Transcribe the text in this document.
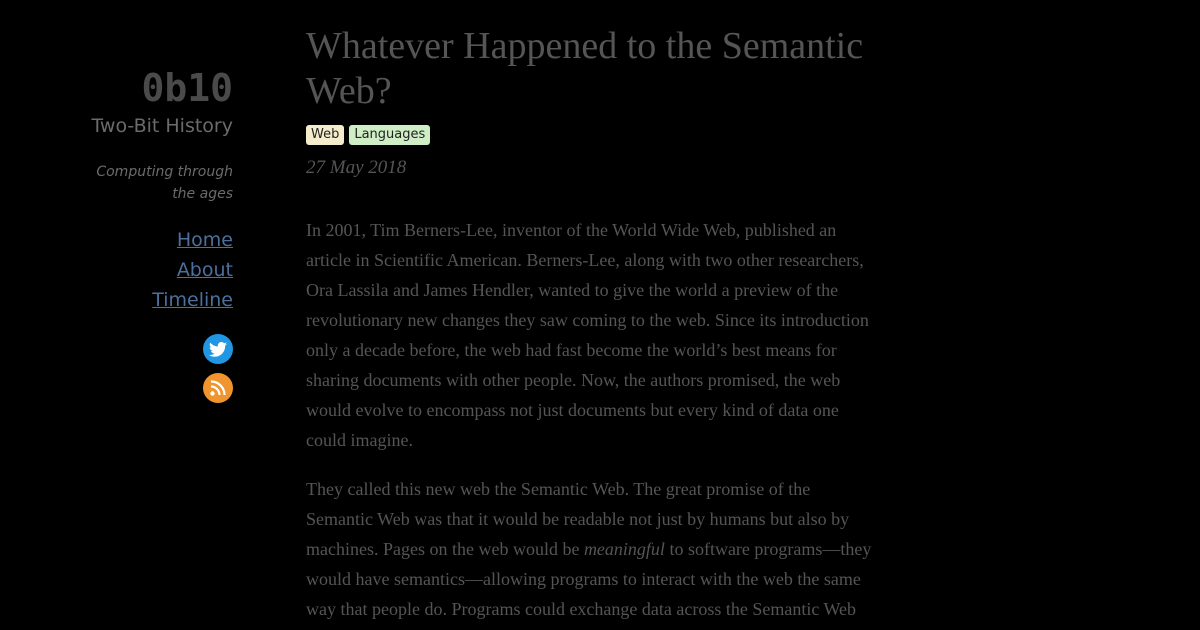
0b10
Two-Bit History
Computing through the ages
Home
About
Timeline
Whatever Happened to the Semantic Web?
Web	Languages
27 May 2018

In 2001, Tim Berners-Lee, inventor of the World Wide Web, published an
article in Scientific American. Berners-Lee, along with two other researchers,
Ora Lassila and James Hendler, wanted to give the world a preview of the
revolutionary new changes they saw coming to the web. Since its introduction
only a decade before, the web had fast become the world’s best means for
sharing documents with other people. Now, the authors promised, the web
would evolve to encompass not just documents but every kind of data one
could imagine.

They called this new web the Semantic Web. The great promise of the
Semantic Web was that it would be readable not just by humans but also by
machines. Pages on the web would be meaningful to software programs—they
would have semantics—allowing programs to interact with the web the same
way that people do. Programs could exchange data across the Semantic Web
